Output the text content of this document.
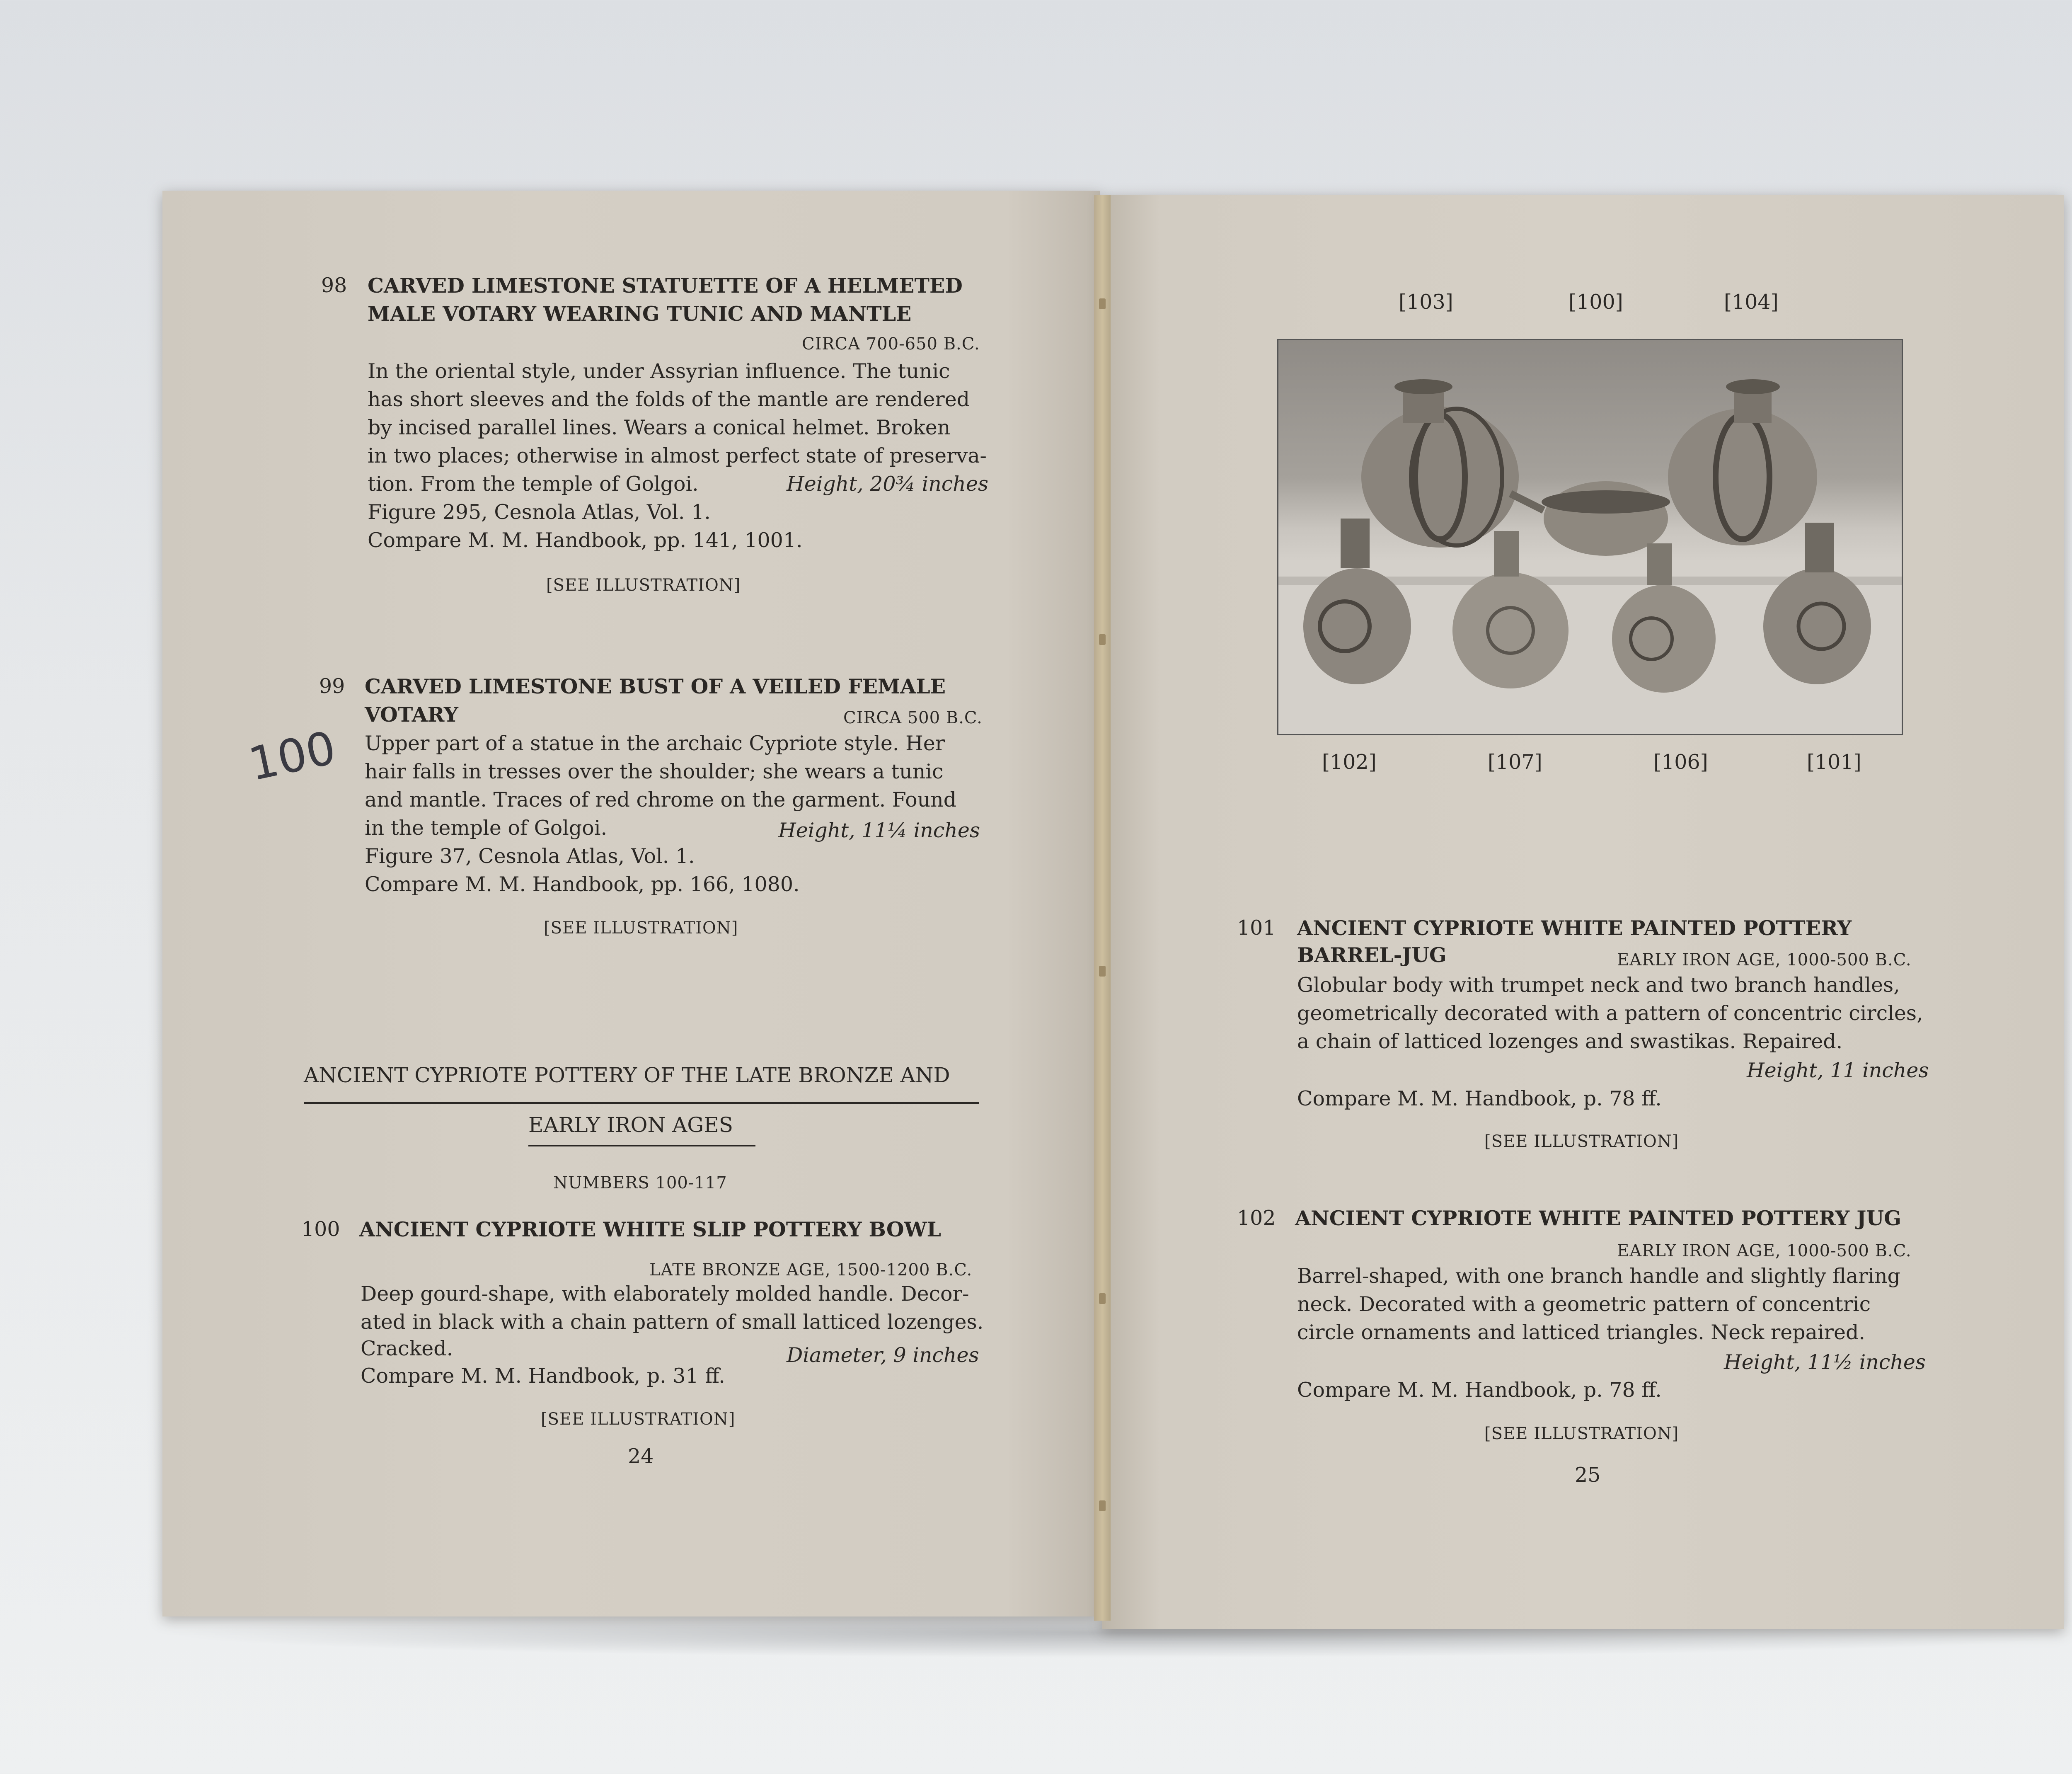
98 CARVED LIMESTONE STATUETTE OF A HELMETED
MALE VOTARY WEARING TUNIC AND MANTLE
CIRCA 700-650 B.C.
In the oriental style, under Assyrian influence. The tunic
has short sleeves and the folds of the mantle are rendered
by incised parallel lines. Wears a conical helmet. Broken
in two places; otherwise in almost perfect state of preserva-
tion. From the temple of Golgoi.	Height, 20¾ inches
Figure 295, Cesnola Atlas, Vol. 1.
Compare M. M. Handbook, pp. 141, 1001.
[SEE ILLUSTRATION]
99 CARVED LIMESTONE BUST OF A VEILED FEMALE
VOTARY	CIRCA 500 B.C.
Upper part of a statue in the archaic Cypriote style. Her
hair falls in tresses over the shoulder; she wears a tunic
and mantle. Traces of red chrome on the garment. Found
in the temple of Golgoi.	Height, 11¼ inches
Figure 37, Cesnola Atlas, Vol. 1.
Compare M. M. Handbook, pp. 166, 1080.
[SEE ILLUSTRATION]
100
ANCIENT CYPRIOTE POTTERY OF THE LATE BRONZE AND
EARLY IRON AGES
NUMBERS 100-117
100 ANCIENT CYPRIOTE WHITE SLIP POTTERY BOWL
LATE BRONZE AGE, 1500-1200 B.C.
Deep gourd-shape, with elaborately molded handle. Decor-
ated in black with a chain pattern of small latticed lozenges.
Cracked.	Diameter, 9 inches
Compare M. M. Handbook, p. 31 ff.
[SEE ILLUSTRATION]
24
[103]	[100]	[104]
[102]	[107]	[106]	[101]
101 ANCIENT CYPRIOTE WHITE PAINTED POTTERY
BARREL-JUG	EARLY IRON AGE, 1000-500 B.C.
Globular body with trumpet neck and two branch handles,
geometrically decorated with a pattern of concentric circles,
a chain of latticed lozenges and swastikas. Repaired.
Height, 11 inches
Compare M. M. Handbook, p. 78 ff.
[SEE ILLUSTRATION]
102 ANCIENT CYPRIOTE WHITE PAINTED POTTERY JUG
EARLY IRON AGE, 1000-500 B.C.
Barrel-shaped, with one branch handle and slightly flaring
neck. Decorated with a geometric pattern of concentric
circle ornaments and latticed triangles. Neck repaired.
Height, 11½ inches
Compare M. M. Handbook, p. 78 ff.
[SEE ILLUSTRATION]
25
